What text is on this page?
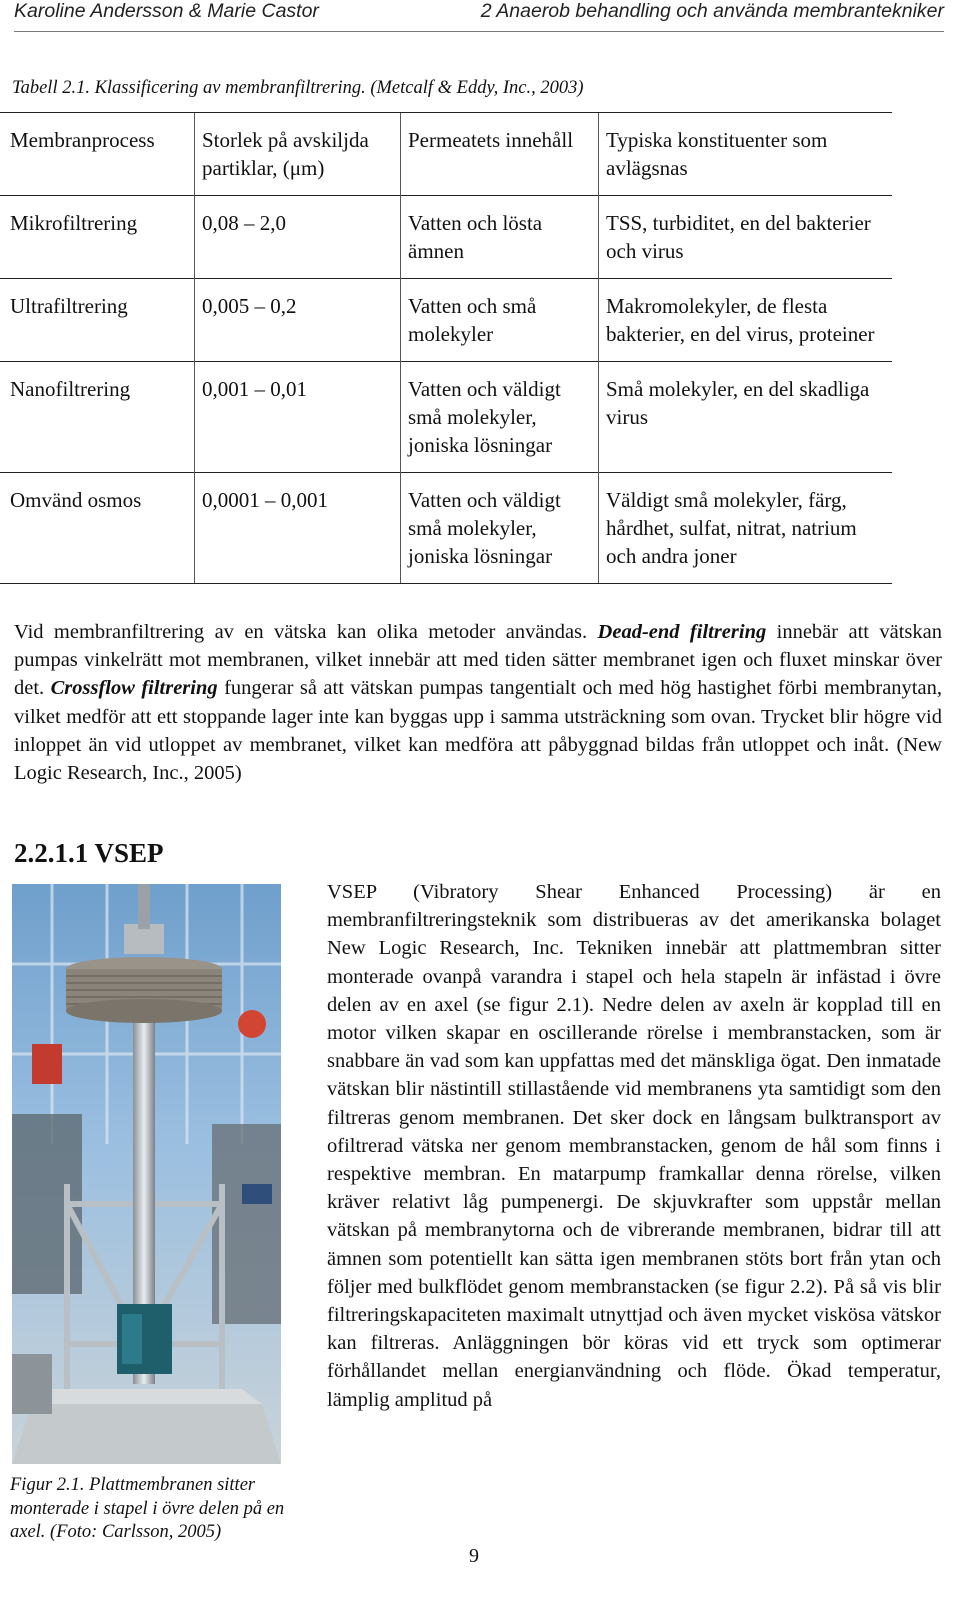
Karoline Andersson & Marie Castor	2 Anaerob behandling och använda membrantekniker
Tabell 2.1. Klassificering av membranfiltrering. (Metcalf & Eddy, Inc., 2003)
Membranprocess	Storlek på avskiljda partiklar, (μm)	Permeatets innehåll	Typiska konstituenter som avlägsnas
Mikrofiltrering	0,08 – 2,0	Vatten och lösta ämnen	TSS, turbiditet, en del bakterier och virus
Ultrafiltrering	0,005 – 0,2	Vatten och små molekyler	Makromolekyler, de flesta bakterier, en del virus, proteiner
Nanofiltrering	0,001 – 0,01	Vatten och väldigt små molekyler, joniska lösningar	Små molekyler, en del skadliga virus
Omvänd osmos	0,0001 – 0,001	Vatten och väldigt små molekyler, joniska lösningar	Väldigt små molekyler, färg, hårdhet, sulfat, nitrat, natrium och andra joner
Vid membranfiltrering av en vätska kan olika metoder användas. Dead-end filtrering innebär att vätskan pumpas vinkelrätt mot membranen, vilket innebär att med tiden sätter membranet igen och fluxet minskar över det. Crossflow filtrering fungerar så att vätskan pumpas tangentialt och med hög hastighet förbi membranytan, vilket medför att ett stoppande lager inte kan byggas upp i samma utsträckning som ovan. Trycket blir högre vid inloppet än vid utloppet av membranet, vilket kan medföra att påbyggnad bildas från utloppet och inåt. (New Logic Research, Inc., 2005)
2.2.1.1 VSEP
Figur 2.1. Plattmembranen sitter monterade i stapel i övre delen på en axel. (Foto: Carlsson, 2005)
VSEP (Vibratory Shear Enhanced Processing) är en membranfiltreringsteknik som distribueras av det amerikanska bolaget New Logic Research, Inc. Tekniken innebär att plattmembran sitter monterade ovanpå varandra i stapel och hela stapeln är infästad i övre delen av en axel (se figur 2.1). Nedre delen av axeln är kopplad till en motor vilken skapar en oscillerande rörelse i membranstacken, som är snabbare än vad som kan uppfattas med det mänskliga ögat. Den inmatade vätskan blir nästintill stillastående vid membranens yta samtidigt som den filtreras genom membranen. Det sker dock en långsam bulktransport av ofiltrerad vätska ner genom membranstacken, genom de hål som finns i respektive membran. En matarpump framkallar denna rörelse, vilken kräver relativt låg pumpenergi. De skjuvkrafter som uppstår mellan vätskan på membranytorna och de vibrerande membranen, bidrar till att ämnen som potentiellt kan sätta igen membranen stöts bort från ytan och följer med bulkflödet genom membranstacken (se figur 2.2). På så vis blir filtreringskapaciteten maximalt utnyttjad och även mycket viskösa vätskor kan filtreras. Anläggningen bör köras vid ett tryck som optimerar förhållandet mellan energianvändning och flöde. Ökad temperatur, lämplig amplitud på
9
